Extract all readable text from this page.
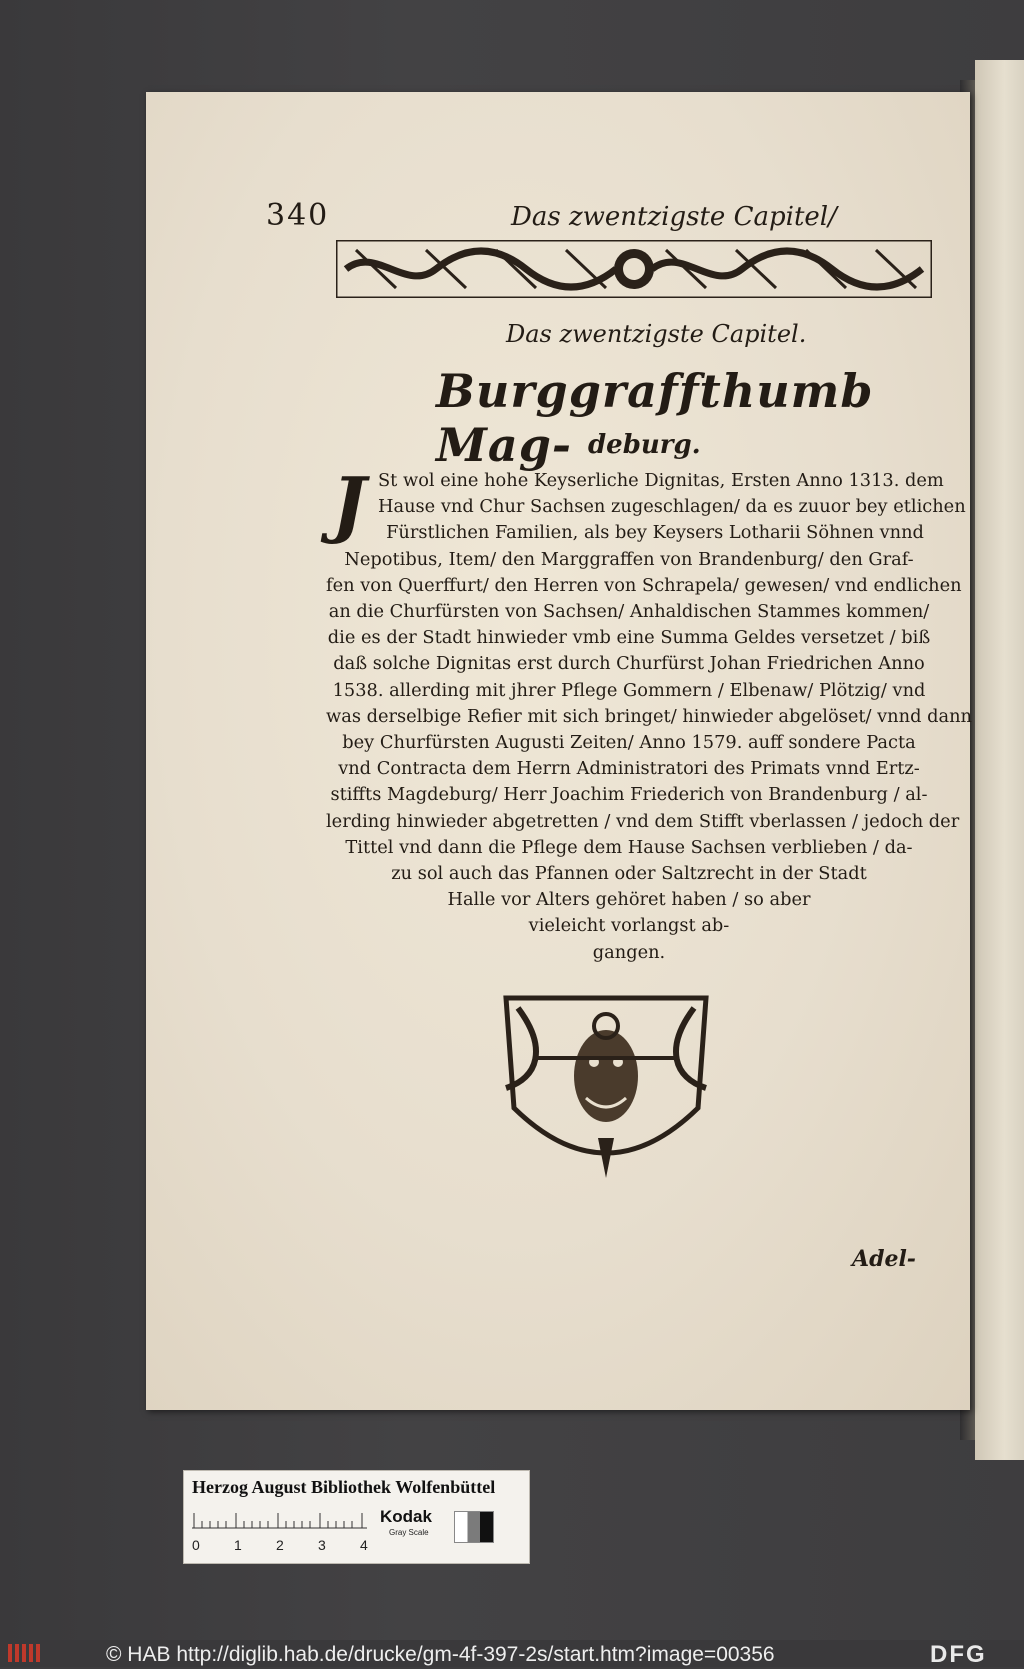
340	Das zwentzigste Capitel/
Das zwentzigste Capitel.
Burggraffthumb Mag- deburg.
J St wol eine hohe Keyserliche Dignitas, Ersten Anno 1313. dem
Hause vnd Chur Sachsen zugeschlagen/ da es zuuor bey etlichen
Fürstlichen Familien, als bey Keysers Lotharii Söhnen vnnd
Nepotibus, Item/ den Marggraffen von Brandenburg/ den Graf-
fen von Querffurt/ den Herren von Schrapela/ gewesen/ vnd endlichen
an die Churfürsten von Sachsen/ Anhaldischen Stammes kommen/
die es der Stadt hinwieder vmb eine Summa Geldes versetzet / biß
daß solche Dignitas erst durch Churfürst Johan Friedrichen Anno
1538. allerding mit jhrer Pflege Gommern / Elbenaw/ Plötzig/ vnd
was derselbige Refier mit sich bringet/ hinwieder abgelöset/ vnnd dann
bey Churfürsten Augusti Zeiten/ Anno 1579. auff sondere Pacta
vnd Contracta dem Herrn Administratori des Primats vnnd Ertz-
stiffts Magdeburg/ Herr Joachim Friederich von Brandenburg / al-
lerding hinwieder abgetretten / vnd dem Stifft vberlassen / jedoch der
Tittel vnd dann die Pflege dem Hause Sachsen verblieben / da-
zu sol auch das Pfannen oder Saltzrecht in der Stadt
Halle vor Alters gehöret haben / so aber
vieleicht vorlangst ab-
gangen.
Adel-
Herzog August Bibliothek Wolfenbüttel
0 1 2 3 4
Kodak
Gray Scale
© HAB http://diglib.hab.de/drucke/gm-4f-397-2s/start.htm?image=00356	DFG
